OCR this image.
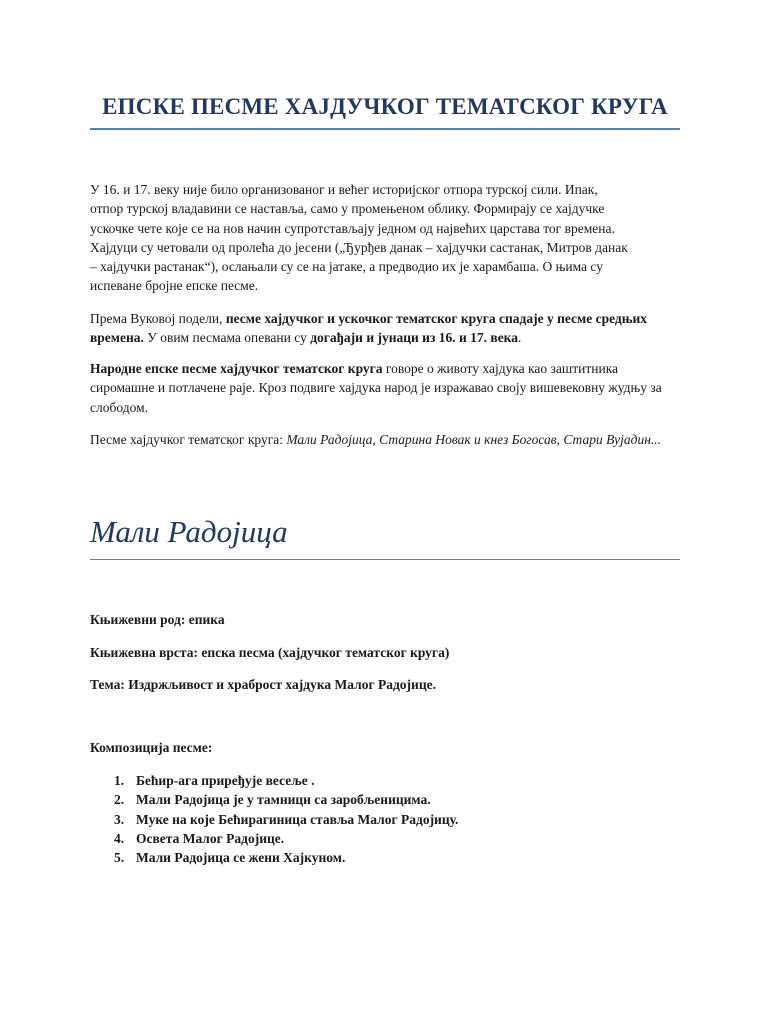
ЕПСКЕ ПЕСМЕ ХАЈДУЧКОГ ТЕМАТСКОГ КРУГА

У 16. и 17. веку није било организованог и већег историјског отпора турској сили. Ипак,
отпор турској владавини се наставља, само у промењеном облику. Формирају се хајдучке
ускочке чете које се на нов начин супротстављају једном од највећих царстава тог времена.
Хајдуци су четовали од пролећа до јесени („Ђурђев данак – хајдучки састанак, Митров данак
– хајдучки растанак“), ослањали су се на јатаке, а предводио их је харамбаша. О њима су
испеване бројне епске песме.

Према Вуковој подели, песме хајдучког и ускочког тематског круга спадаје у песме средњих времена. У овим песмама опевани су догађаји и јунаци из 16. и 17. века.

Народне епске песме хајдучког тематског круга говоре о животу хајдука као заштитника сиромашне и потлачене раје. Кроз подвиге хајдука народ је изражавао своју вишевековну жудњу за слободом.

Песме хајдучког тематског круга: Мали Радојица, Старина Новак и кнез Богосав, Стари Вујадин...

Мали Радојица

Књижевни род: епика

Књижевна врста: епска песма (хајдучког тематског круга)

Тема: Издржљивост и храброст хајдука Малог Радојице.

Композиција песме:

1. Бећир-ага приређује весеље .
2. Мали Радојица је у тамници са заробљеницима.
3. Муке на које Бећирагиница ставља Малог Радојицу.
4. Освета Малог Радојице.
5. Мали Радојица се жени Хајкуном.
